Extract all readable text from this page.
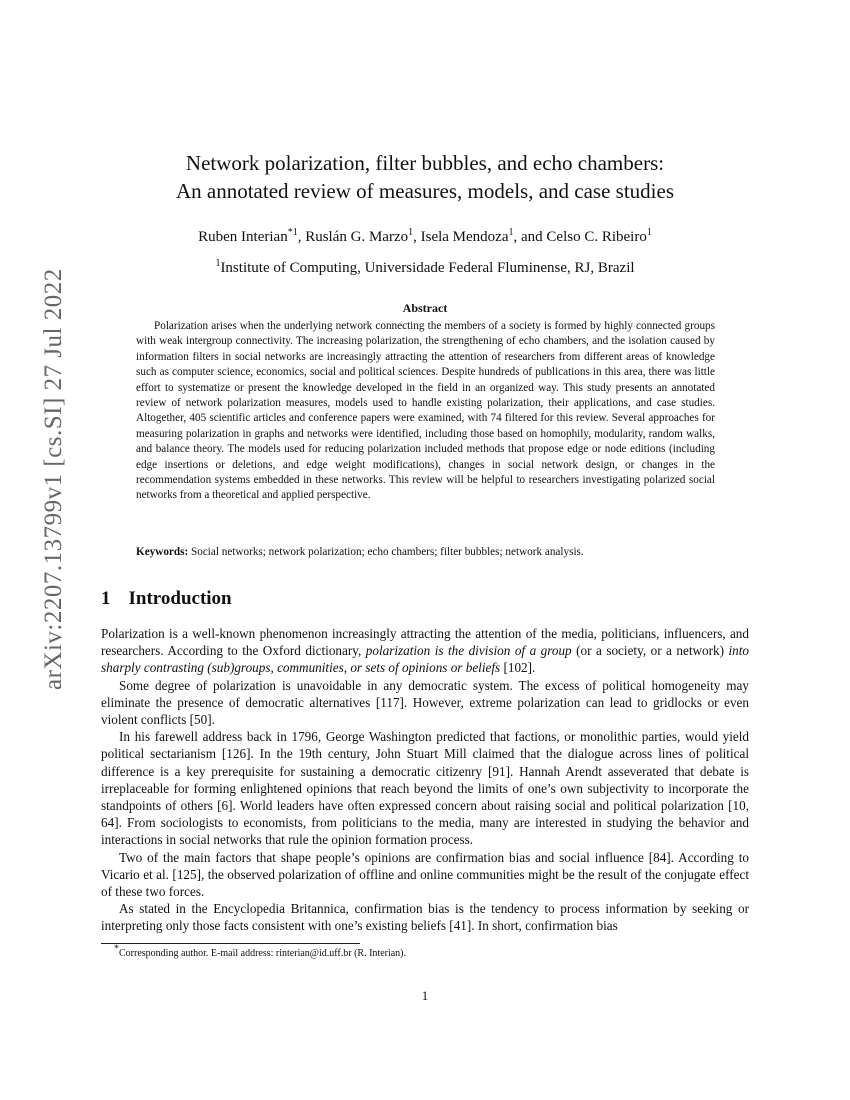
arXiv:2207.13799v1 [cs.SI] 27 Jul 2022
Network polarization, filter bubbles, and echo chambers:
An annotated review of measures, models, and case studies
Ruben Interian$^{*1}$, Ruslán G. Marzo$^1$, Isela Mendoza$^1$, and Celso C. Ribeiro$^1$
$^1$Institute of Computing, Universidade Federal Fluminense, RJ, Brazil
Abstract
Polarization arises when the underlying network connecting the members of a society is formed by highly connected groups with weak intergroup connectivity. The increasing polarization, the strengthening of echo chambers, and the isolation caused by information filters in social networks are increasingly attracting the attention of researchers from different areas of knowledge such as computer science, economics, social and political sciences. Despite hundreds of publications in this area, there was little effort to systematize or present the knowledge developed in the field in an organized way. This study presents an annotated review of network polarization measures, models used to handle existing polarization, their applications, and case studies. Altogether, 405 scientific articles and conference papers were examined, with 74 filtered for this review. Several approaches for measuring polarization in graphs and networks were identified, including those based on homophily, modularity, random walks, and balance theory. The models used for reducing polarization included methods that propose edge or node editions (including edge insertions or deletions, and edge weight modifications), changes in social network design, or changes in the recommendation systems embedded in these networks. This review will be helpful to researchers investigating polarized social networks from a theoretical and applied perspective.
Keywords: Social networks; network polarization; echo chambers; filter bubbles; network analysis.
1 Introduction

Polarization is a well-known phenomenon increasingly attracting the attention of the media, politicians, influencers, and researchers. According to the Oxford dictionary, polarization is the division of a group (or a society, or a network) into sharply contrasting (sub)groups, communities, or sets of opinions or beliefs [102].

Some degree of polarization is unavoidable in any democratic system. The excess of political homogeneity may eliminate the presence of democratic alternatives [117]. However, extreme polarization can lead to gridlocks or even violent conflicts [50].

In his farewell address back in 1796, George Washington predicted that factions, or monolithic parties, would yield political sectarianism [126]. In the 19th century, John Stuart Mill claimed that the dialogue across lines of political difference is a key prerequisite for sustaining a democratic citizenry [91]. Hannah Arendt asseverated that debate is irreplaceable for forming enlightened opinions that reach beyond the limits of one’s own subjectivity to incorporate the standpoints of others [6]. World leaders have often expressed concern about raising social and political polarization [10, 64]. From sociologists to economists, from politicians to the media, many are interested in studying the behavior and interactions in social networks that rule the opinion formation process.

Two of the main factors that shape people’s opinions are confirmation bias and social influence [84]. According to Vicario et al. [125], the observed polarization of offline and online communities might be the result of the conjugate effect of these two forces.

As stated in the Encyclopedia Britannica, confirmation bias is the tendency to process information by seeking or interpreting only those facts consistent with one’s existing beliefs [41]. In short, confirmation bias

*Corresponding author. E-mail address: rinterian@id.uff.br (R. Interian).
1
